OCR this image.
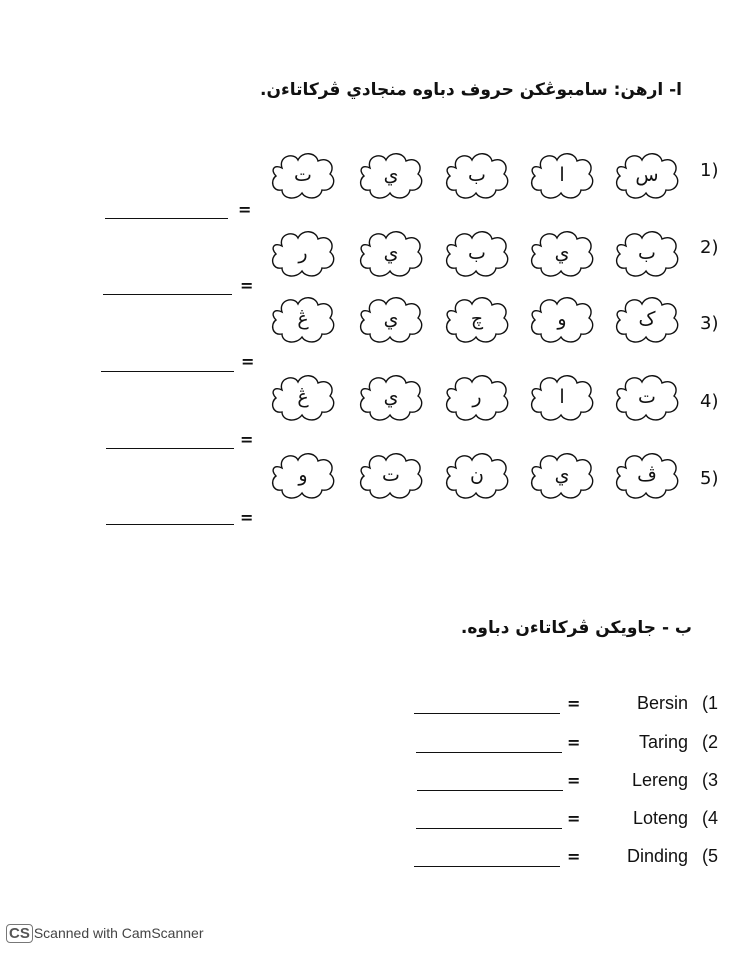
ا- ارهن: سامبوڠکن حروف دباوه منجادي ڤركاتاءن.
1)
س
ا
ب
ي
ت
=
2)
ب
ي
ب
ي
ر
=
3)
ک
و
چ
ي
ڠ
=
4)
ت
ا
ر
ي
ڠ
=
5)
ڤ
ي
ن
ت
و
=
ب - جاويکن ڤركاتاءن دباوه.
(1
Bersin
=
(2
Taring
=
(3
Lereng
=
(4
Loteng
=
(5
Dinding
=
CS Scanned with CamScanner
